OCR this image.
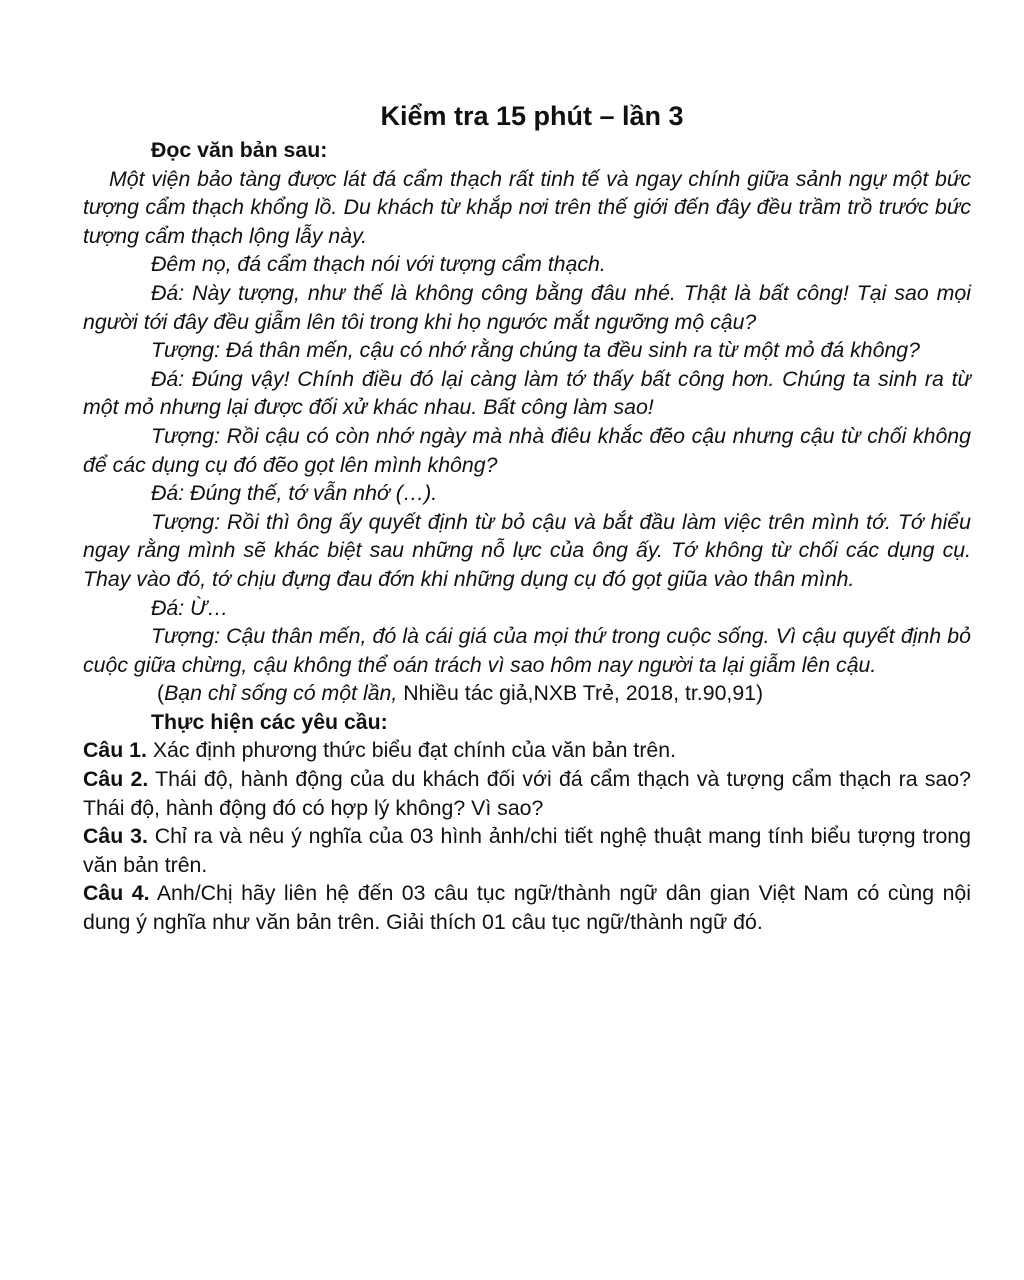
Kiểm tra 15 phút – lần 3

Đọc văn bản sau:

Một viện bảo tàng được lát đá cẩm thạch rất tinh tế và ngay chính giữa sảnh ngự một bức tượng cẩm thạch khổng lồ. Du khách từ khắp nơi trên thế giới đến đây đều trầm trồ trước bức tượng cẩm thạch lộng lẫy này.

Đêm nọ, đá cẩm thạch nói với tượng cẩm thạch.

Đá: Này tượng, như thế là không công bằng đâu nhé. Thật là bất công! Tại sao mọi người tới đây đều giẫm lên tôi trong khi họ ngước mắt ngưỡng mộ cậu?

Tượng: Đá thân mến, cậu có nhớ rằng chúng ta đều sinh ra từ một mỏ đá không?

Đá: Đúng vậy! Chính điều đó lại càng làm tớ thấy bất công hơn. Chúng ta sinh ra từ một mỏ nhưng lại được đối xử khác nhau. Bất công làm sao!

Tượng: Rồi cậu có còn nhớ ngày mà nhà điêu khắc đẽo cậu nhưng cậu từ chối không để các dụng cụ đó đẽo gọt lên mình không?

Đá: Đúng thế, tớ vẫn nhớ (…).

Tượng: Rồi thì ông ấy quyết định từ bỏ cậu và bắt đầu làm việc trên mình tớ. Tớ hiểu ngay rằng mình sẽ khác biệt sau những nỗ lực của ông ấy. Tớ không từ chối các dụng cụ. Thay vào đó, tớ chịu đựng đau đớn khi những dụng cụ đó gọt giũa vào thân mình.

Đá: Ừ…

Tượng: Cậu thân mến, đó là cái giá của mọi thứ trong cuộc sống. Vì cậu quyết định bỏ cuộc giữa chừng, cậu không thể oán trách vì sao hôm nay người ta lại giẫm lên cậu.

(Bạn chỉ sống có một lần, Nhiều tác giả,NXB Trẻ, 2018, tr.90,91)

Thực hiện các yêu cầu:

Câu 1. Xác định phương thức biểu đạt chính của văn bản trên.

Câu 2. Thái độ, hành động của du khách đối với đá cẩm thạch và tượng cẩm thạch ra sao? Thái độ, hành động đó có hợp lý không? Vì sao?

Câu 3. Chỉ ra và nêu ý nghĩa của 03 hình ảnh/chi tiết nghệ thuật mang tính biểu tượng trong văn bản trên.

Câu 4. Anh/Chị hãy liên hệ đến 03 câu tục ngữ/thành ngữ dân gian Việt Nam có cùng nội dung ý nghĩa như văn bản trên. Giải thích 01 câu tục ngữ/thành ngữ đó.
